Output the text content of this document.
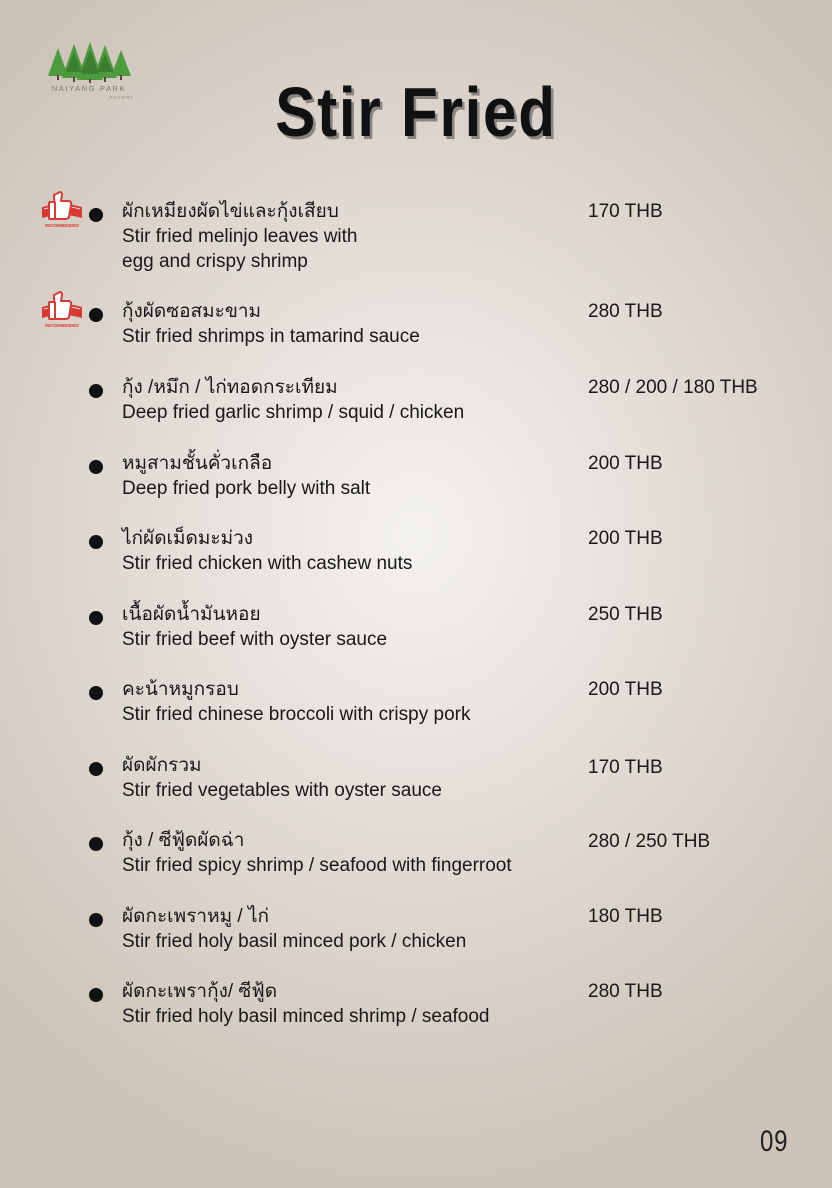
NAIYANG PARK
RESORT	Stir Fried
RECOMMENDED
ผักเหมียงผัดไข่และกุ้งเสียบ
Stir fried melinjo leaves with
egg and crispy shrimp
170 THB
RECOMMENDED
กุ้งผัดซอสมะขาม
Stir fried shrimps in tamarind sauce
280 THB
กุ้ง /หมึก / ไก่ทอดกระเทียม
Deep fried garlic shrimp / squid / chicken
280 / 200 / 180 THB
หมูสามชั้นคั่วเกลือ
Deep fried pork belly with salt
200 THB
ไก่ผัดเม็ดมะม่วง
Stir fried chicken with cashew nuts
200 THB
เนื้อผัดน้ำมันหอย
Stir fried beef with oyster sauce
250 THB
คะน้าหมูกรอบ
Stir fried chinese broccoli with crispy pork
200 THB
ผัดผักรวม
Stir fried vegetables with oyster sauce
170 THB
กุ้ง / ซีฟู้ดผัดฉ่า
Stir fried spicy shrimp / seafood with fingerroot
280 / 250 THB
ผัดกะเพราหมู / ไก่
Stir fried holy basil minced pork / chicken
180 THB
ผัดกะเพรากุ้ง/ ซีฟู้ด
Stir fried holy basil minced shrimp / seafood
280 THB
09
